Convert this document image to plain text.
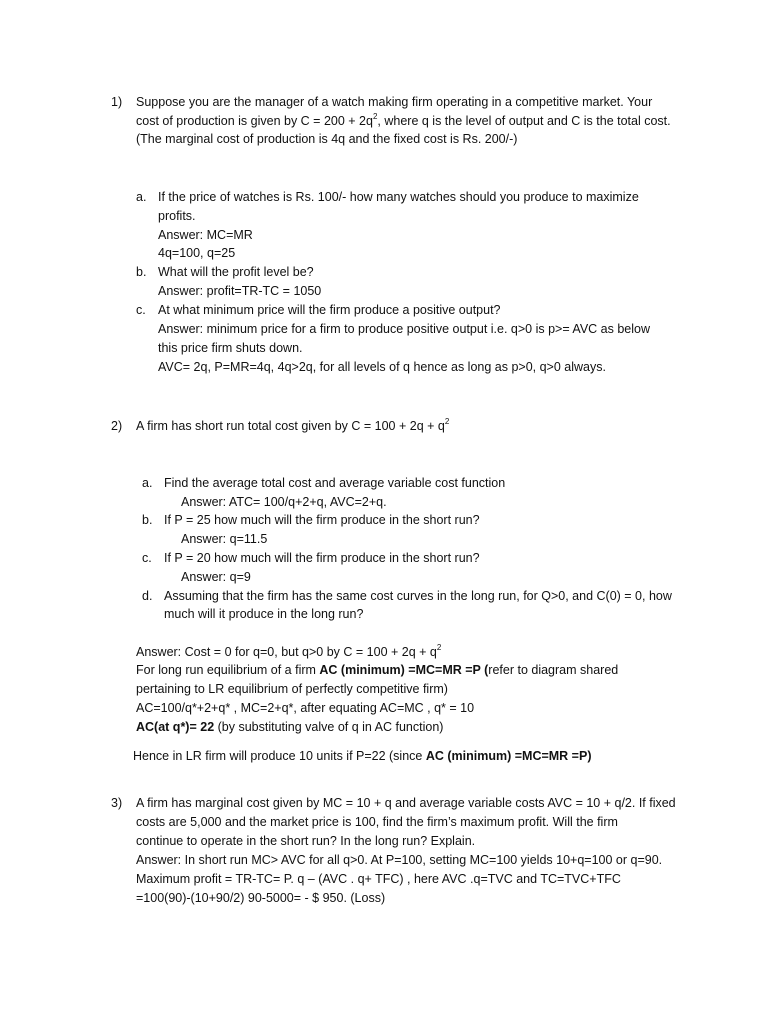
1) Suppose you are the manager of a watch making firm operating in a competitive market. Your
cost of production is given by $C = 200 + 2q^2$, where q is the level of output and C is the total cost.
(The marginal cost of production is 4q and the fixed cost is Rs. 200/-)
a. If the price of watches is Rs. 100/- how many watches should you produce to maximize
profits.
Answer: MC=MR
4q=100, q=25
b. What will the profit level be?
Answer: profit=TR-TC = 1050
c. At what minimum price will the firm produce a positive output?
Answer: minimum price for a firm to produce positive output i.e. q>0 is p>= AVC as below
this price firm shuts down.
AVC= 2q, P=MR=4q, 4q>2q, for all levels of q hence as long as p>0, q>0 always.
2) A firm has short run total cost given by $C = 100 + 2q + q^2$
a. Find the average total cost and average variable cost function
Answer: ATC= 100/q+2+q, AVC=2+q.
b. If P = 25 how much will the firm produce in the short run?
Answer: q=11.5
c. If P = 20 how much will the firm produce in the short run?
Answer: q=9
d. Assuming that the firm has the same cost curves in the long run, for Q>0, and C(0) = 0, how
much will it produce in the long run?
Answer: Cost = 0 for q=0, but q>0 by $C = 100 + 2q + q^2$
For long run equilibrium of a firm AC (minimum) =MC=MR =P (refer to diagram shared
pertaining to LR equilibrium of perfectly competitive firm)
AC=100/q*+2+q* , MC=2+q*, after equating AC=MC , q* = 10
AC(at q*)= 22 (by substituting valve of q in AC function)
Hence in LR firm will produce 10 units if P=22 (since AC (minimum) =MC=MR =P)
3) A firm has marginal cost given by MC = 10 + q and average variable costs AVC = 10 + q/2. If fixed
costs are 5,000 and the market price is 100, find the firm’s maximum profit. Will the firm
continue to operate in the short run? In the long run? Explain.
Answer: In short run MC> AVC for all q>0. At P=100, setting MC=100 yields 10+q=100 or q=90.
Maximum profit = TR-TC= P. q – (AVC . q+ TFC) , here AVC .q=TVC and TC=TVC+TFC
=100(90)-(10+90/2) 90-5000= - $ 950. (Loss)
